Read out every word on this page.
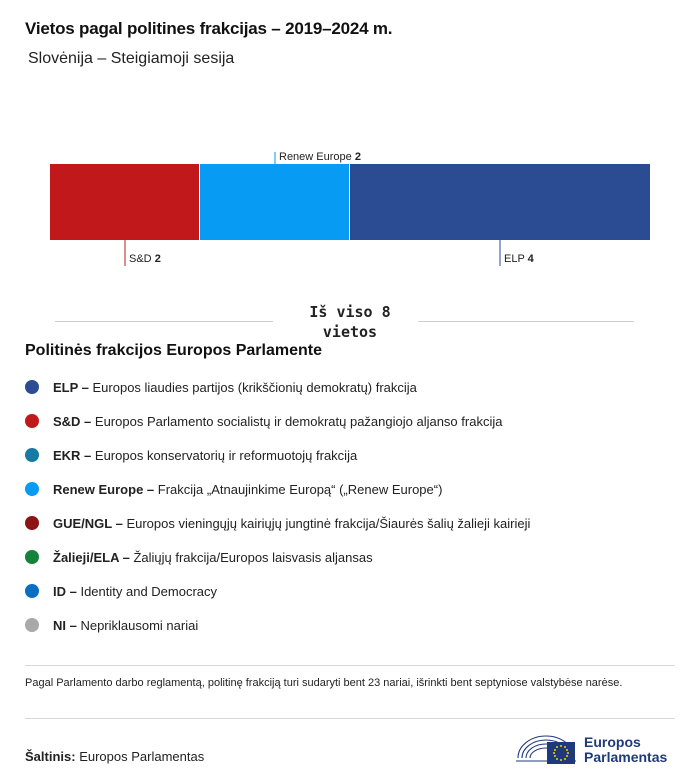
Vietos pagal politines frakcijas – 2019–2024 m.
Slovėnija – Steigiamoji sesija
S&D 2
Renew Europe 2
ELP 4
Iš viso 8 vietos
Politinės frakcijos Europos Parlamente
ELP – Europos liaudies partijos (krikščionių demokratų) frakcija
S&D – Europos Parlamento socialistų ir demokratų pažangiojo aljanso frakcija
EKR – Europos konservatorių ir reformuotojų frakcija
Renew Europe – Frakcija „Atnaujinkime Europą“ („Renew Europe“)
GUE/NGL – Europos vieningųjų kairiųjų jungtinė frakcija/Šiaurės šalių žalieji kairieji
Žalieji/ELA – Žaliųjų frakcija/Europos laisvasis aljansas
ID – Identity and Democracy
NI – Nepriklausomi nariai
Pagal Parlamento darbo reglamentą, politinę frakciją turi sudaryti bent 23 nariai, išrinkti bent septyniose valstybėse narėse.
Šaltinis: Europos Parlamentas
Europos
Parlamentas
